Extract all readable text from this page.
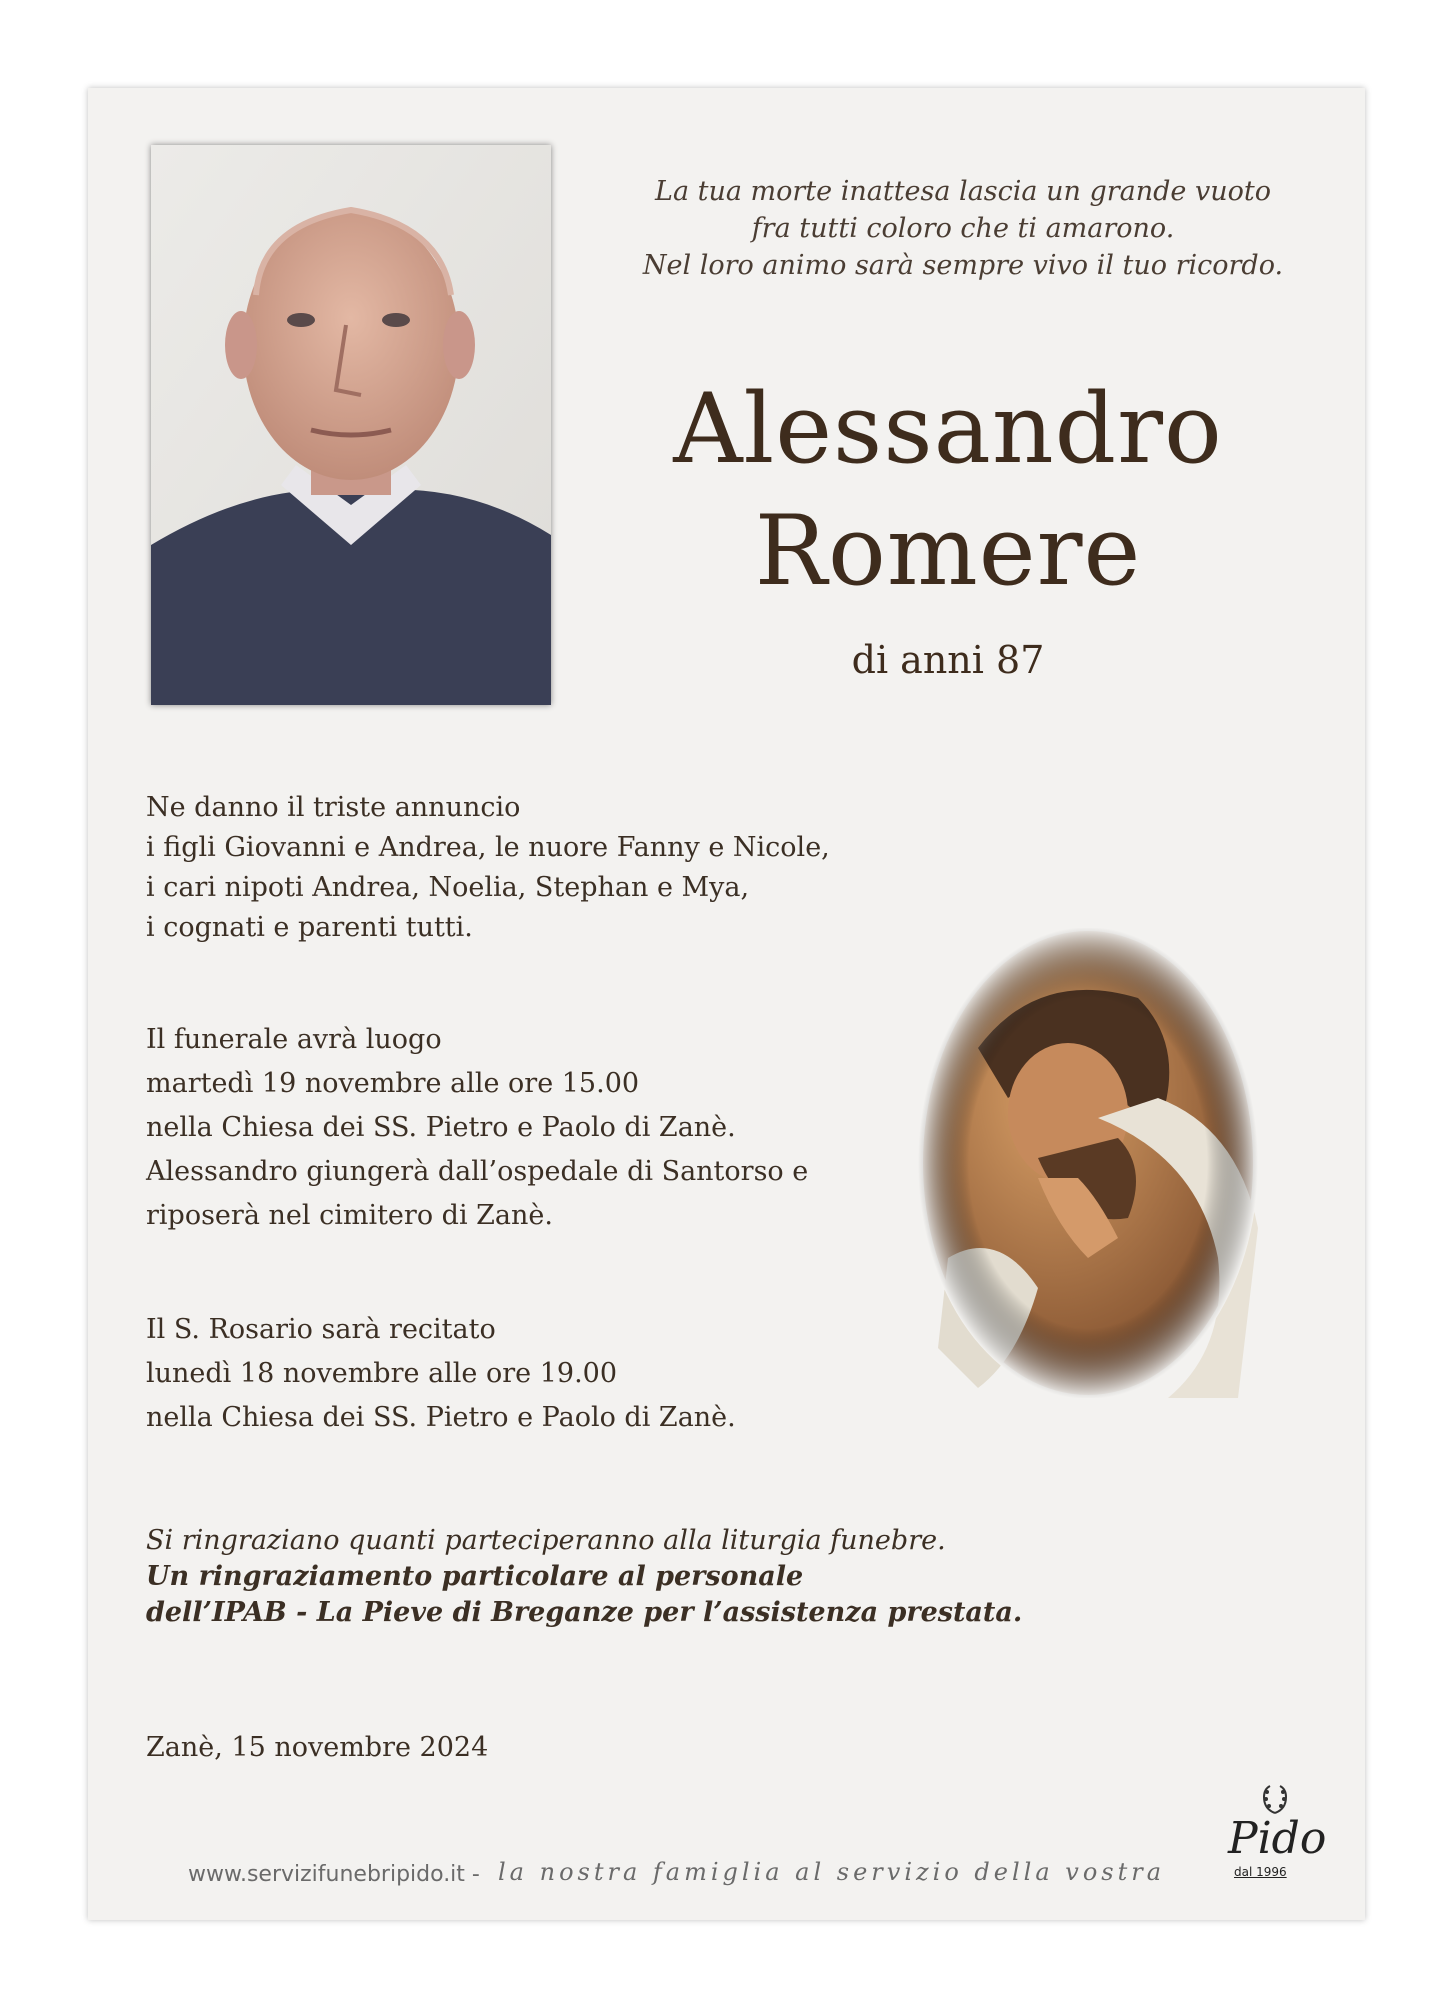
La tua morte inattesa lascia un grande vuoto
fra tutti coloro che ti amarono.
Nel loro animo sarà sempre vivo il tuo ricordo.
Alessandro
Romere
di anni 87
Ne danno il triste annuncio
i figli Giovanni e Andrea, le nuore Fanny e Nicole,
i cari nipoti Andrea, Noelia, Stephan e Mya,
i cognati e parenti tutti.
Il funerale avrà luogo
martedì 19 novembre alle ore 15.00
nella Chiesa dei SS. Pietro e Paolo di Zanè.
Alessandro giungerà dall’ospedale di Santorso e
riposerà nel cimitero di Zanè.
Il S. Rosario sarà recitato
lunedì 18 novembre alle ore 19.00
nella Chiesa dei SS. Pietro e Paolo di Zanè.
Si ringraziano quanti parteciperanno alla liturgia funebre.
Un ringraziamento particolare al personale
dell’IPAB - La Pieve di Breganze per l’assistenza prestata.
Zanè, 15 novembre 2024
www.servizifunebripido.it - la nostra famiglia al servizio della vostra
Pido
dal 1996
